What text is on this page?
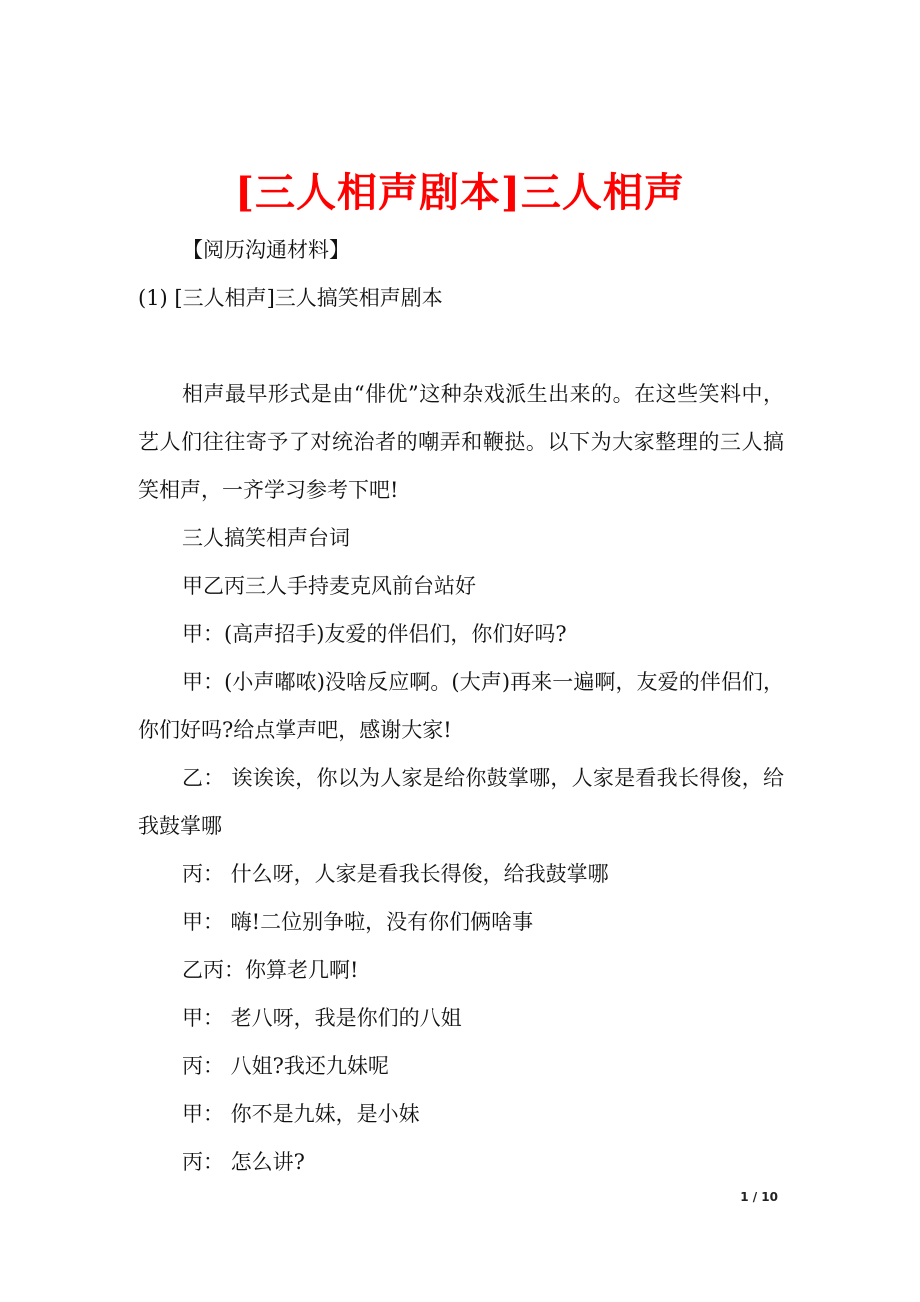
[三人相声剧本]三人相声

【阅历沟通材料】

(1) [三人相声]三人搞笑相声剧本

相声最早形式是由“俳优”这种杂戏派生出来的。在这些笑料中，艺人们往往寄予了对统治者的嘲弄和鞭挞。以下为大家整理的三人搞笑相声，一齐学习参考下吧!

三人搞笑相声台词

甲乙丙三人手持麦克风前台站好

甲：(高声招手)友爱的伴侣们，你们好吗?

甲：(小声嘟哝)没啥反应啊。(大声)再来一遍啊，友爱的伴侣们，你们好吗?给点掌声吧，感谢大家!

乙： 诶诶诶，你以为人家是给你鼓掌哪，人家是看我长得俊，给我鼓掌哪

丙： 什么呀，人家是看我长得俊，给我鼓掌哪

甲： 嗨!二位别争啦，没有你们俩啥事

乙丙：你算老几啊!

甲： 老八呀，我是你们的八姐

丙： 八姐?我还九妹呢

甲： 你不是九妹，是小妹

丙： 怎么讲?

1 / 10
